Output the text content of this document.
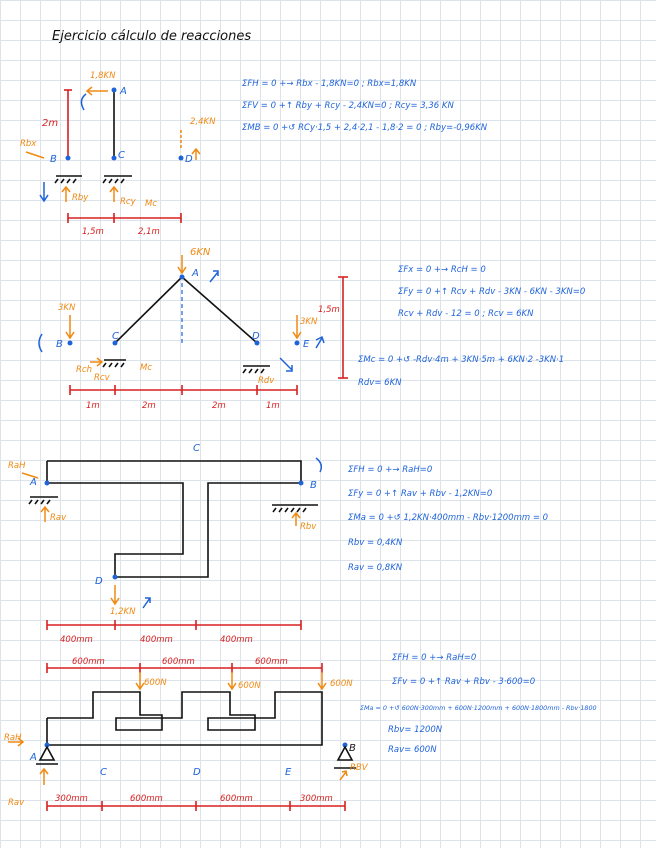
Ejercicio cálculo de reacciones
2m
A
B	C	D
1,8KN
2,4KN
Rbx
Rby	Rcy Mc
1,5m	2,1m
ΣFH = 0 +→ Rbx - 1,8KN=0 ; Rbx=1,8KN
ΣFV = 0 +↑ Rby + Rcy - 2,4KN=0 ; Rcy= 3,36 KN
ΣMB = 0 +↺ RCy·1,5 + 2,4·2,1 - 1,8·2 = 0 ; Rby=-0,96KN
A
C	D
B	E
6KN
3KN
3KN
Rch
Rcv
Mc
Rdv
1,5m
1m	2m	2m	1m
ΣFx = 0 +→ RcH = 0
ΣFy = 0 +↑ Rcv + Rdv - 3KN - 6KN - 3KN=0
Rcv + Rdv - 12 = 0 ; Rcv = 6KN
ΣMc = 0 +↺ -Rdv·4m + 3KN·5m + 6KN·2 -3KN·1
Rdv= 6KN
C
A	B
D
1,2KN
RaH
Rav
Rbv
400mm	400mm	400mm
ΣFH = 0 +→ RaH=0
ΣFy = 0 +↑ Rav + Rbv - 1,2KN=0
ΣMa = 0 +↺ 1,2KN·400mm - Rbv·1200mm = 0
Rbv = 0,4KN
Rav = 0,8KN
600mm	600mm	600mm
600N	600N	600N
A
C	D	E
B
RaH
Rav
RBV
300mm	600mm	600mm	300mm
ΣFH = 0 +→ RaH=0
ΣFv = 0 +↑ Rav + Rbv - 3·600=0
ΣMa = 0 +↺ 600N·300mm + 600N·1200mm + 600N·1800mm - Rbv·1800
Rbv= 1200N
Rav= 600N
